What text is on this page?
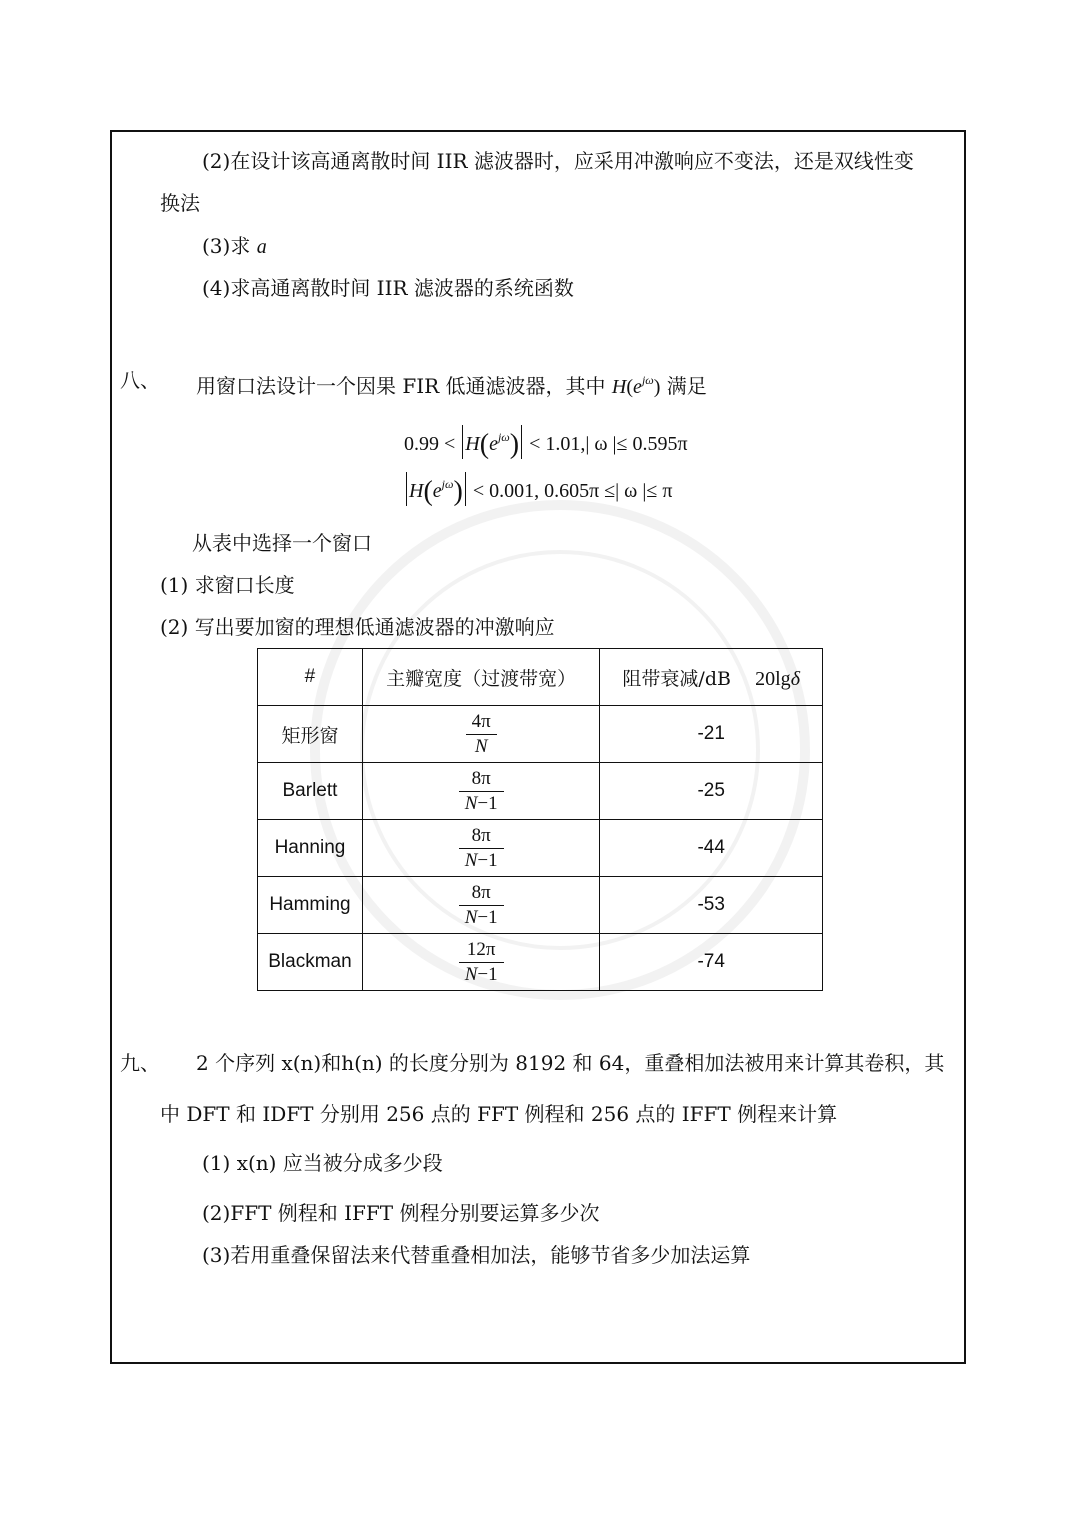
(2)在设计该高通离散时间 IIR 滤波器时，应采用冲激响应不变法，还是双线性变
换法
(3)求 a
(4)求高通离散时间 IIR 滤波器的系统函数
八、 用窗口法设计一个因果 FIR 低通滤波器，其中 $H(e^{j\omega})$ 满足
$0.99 < H(e^{j\omega}) < 1.01,|$ ω |≤ 0.595π
$H(e^{j\omega}) < 0.001$, 0.605π ≤| ω |≤ π
从表中选择一个窗口
(1) 求窗口长度
(2) 写出要加窗的理想低通滤波器的冲激响应
#	主瓣宽度（过渡带宽）	阻带衰减/dB 20lgδ
矩形窗	$\frac{4\pi}{N}$	-21
Barlett	$\frac{8\pi}{N-1}$	-25
Hanning	$\frac{8\pi}{N-1}$	-44
Hamming	$\frac{8\pi}{N-1}$	-53
Blackman	$\frac{12\pi}{N-1}$	-74
九、 2 个序列 x(n)和h(n) 的长度分别为 8192 和 64，重叠相加法被用来计算其卷积，其
中 DFT 和 IDFT 分别用 256 点的 FFT 例程和 256 点的 IFFT 例程来计算
(1) x(n) 应当被分成多少段
(2)FFT 例程和 IFFT 例程分别要运算多少次
(3)若用重叠保留法来代替重叠相加法，能够节省多少加法运算
